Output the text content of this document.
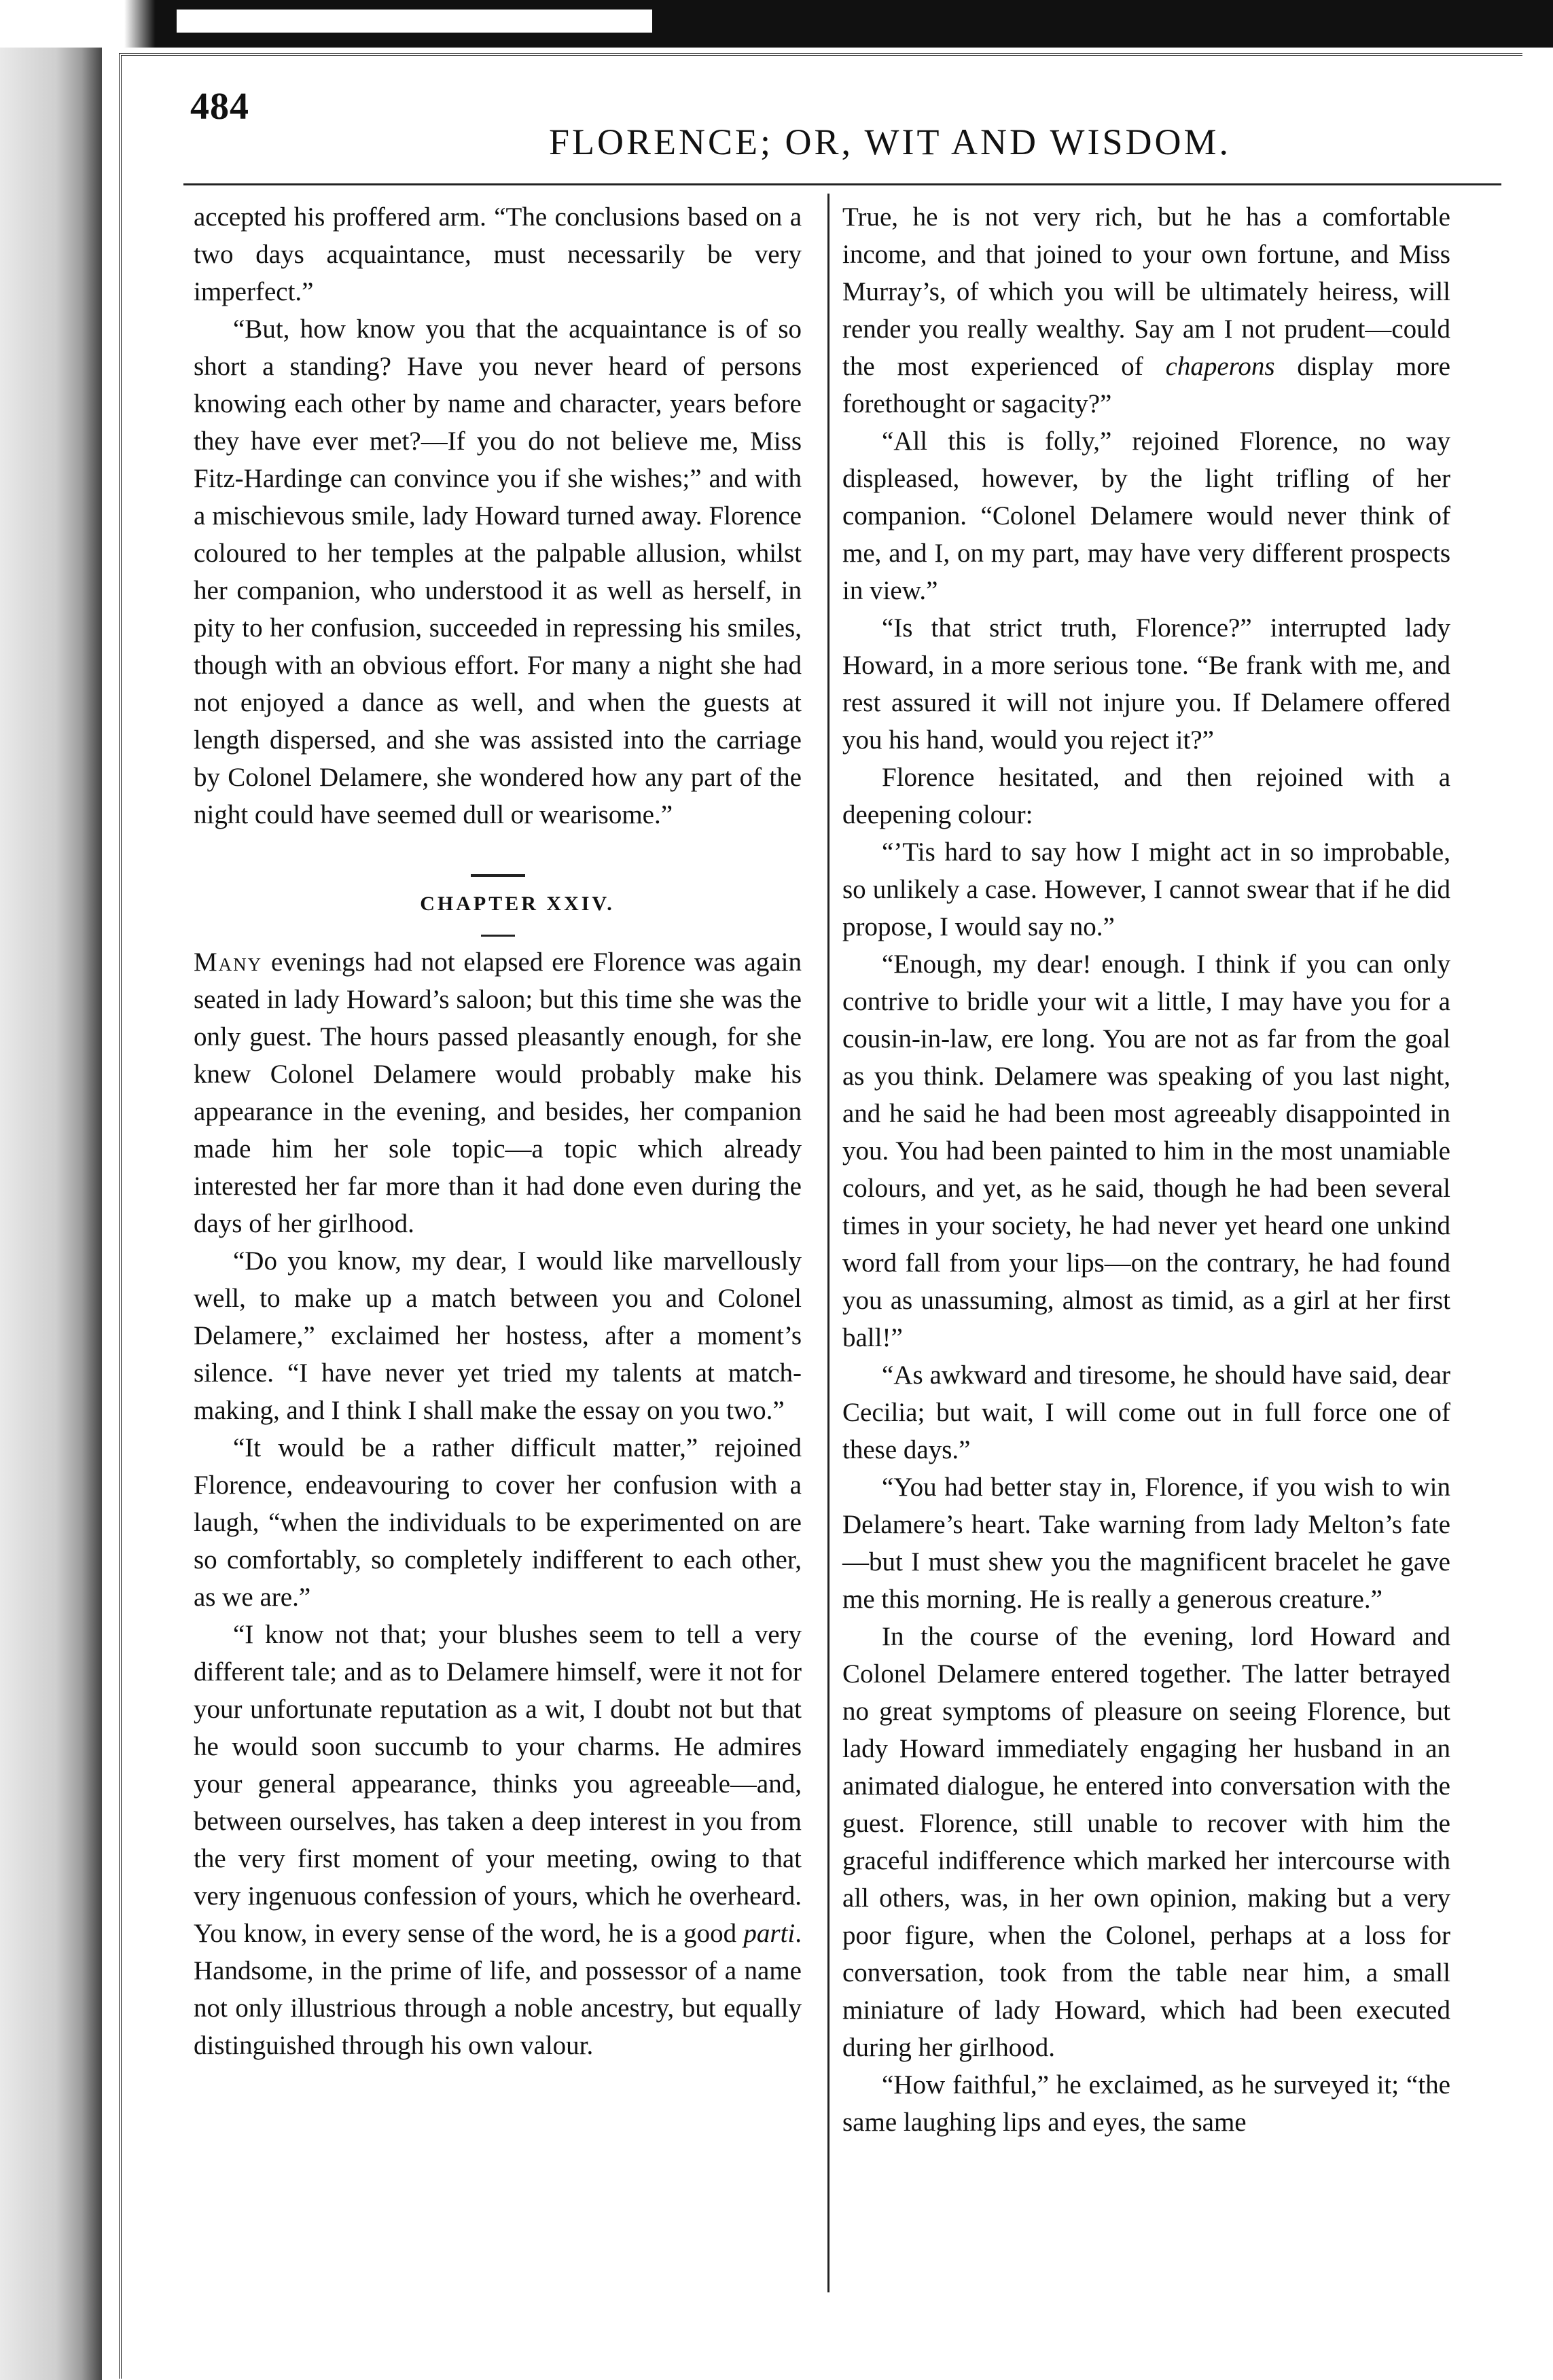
484
FLORENCE; OR, WIT AND WISDOM.

accepted his proffered arm. “The conclusions based on a two days acquaintance, must necessarily be very imperfect.”

“But, how know you that the acquaintance is of so short a standing? Have you never heard of persons knowing each other by name and character, years before they have ever met?—If you do not believe me, Miss Fitz-Hardinge can convince you if she wishes;” and with a mischievous smile, lady Howard turned away. Florence coloured to her temples at the palpable allusion, whilst her companion, who understood it as well as herself, in pity to her confusion, succeeded in repressing his smiles, though with an obvious effort. For many a night she had not enjoyed a dance as well, and when the guests at length dispersed, and she was assisted into the carriage by Colonel Delamere, she wondered how any part of the night could have seemed dull or wearisome.”

CHAPTER XXIV.

Many evenings had not elapsed ere Florence was again seated in lady Howard’s saloon; but this time she was the only guest. The hours passed pleasantly enough, for she knew Colonel Delamere would probably make his appearance in the evening, and besides, her companion made him her sole topic—a topic which already interested her far more than it had done even during the days of her girlhood.

“Do you know, my dear, I would like marvellously well, to make up a match between you and Colonel Delamere,” exclaimed her hostess, after a moment’s silence. “I have never yet tried my talents at match-making, and I think I shall make the essay on you two.”

“It would be a rather difficult matter,” rejoined Florence, endeavouring to cover her confusion with a laugh, “when the individuals to be experimented on are so comfortably, so completely indifferent to each other, as we are.”

“I know not that; your blushes seem to tell a very different tale; and as to Delamere himself, were it not for your unfortunate reputation as a wit, I doubt not but that he would soon succumb to your charms. He admires your general appearance, thinks you agreeable—and, between ourselves, has taken a deep interest in you from the very first moment of your meeting, owing to that very ingenuous confession of yours, which he overheard. You know, in every sense of the word, he is a good parti. Handsome, in the prime of life, and possessor of a name not only illustrious through a noble ancestry, but equally distinguished through his own valour.

True, he is not very rich, but he has a comfortable income, and that joined to your own fortune, and Miss Murray’s, of which you will be ultimately heiress, will render you really wealthy. Say am I not prudent—could the most experienced of chaperons display more forethought or sagacity?”

“All this is folly,” rejoined Florence, no way displeased, however, by the light trifling of her companion. “Colonel Delamere would never think of me, and I, on my part, may have very different prospects in view.”

“Is that strict truth, Florence?” interrupted lady Howard, in a more serious tone. “Be frank with me, and rest assured it will not injure you. If Delamere offered you his hand, would you reject it?”

Florence hesitated, and then rejoined with a deepening colour:

“’Tis hard to say how I might act in so improbable, so unlikely a case. However, I cannot swear that if he did propose, I would say no.”

“Enough, my dear! enough. I think if you can only contrive to bridle your wit a little, I may have you for a cousin-in-law, ere long. You are not as far from the goal as you think. Delamere was speaking of you last night, and he said he had been most agreeably disappointed in you. You had been painted to him in the most unamiable colours, and yet, as he said, though he had been several times in your society, he had never yet heard one unkind word fall from your lips—on the contrary, he had found you as unassuming, almost as timid, as a girl at her first ball!”

“As awkward and tiresome, he should have said, dear Cecilia; but wait, I will come out in full force one of these days.”

“You had better stay in, Florence, if you wish to win Delamere’s heart. Take warning from lady Melton’s fate—but I must shew you the magnificent bracelet he gave me this morning. He is really a generous creature.”

In the course of the evening, lord Howard and Colonel Delamere entered together. The latter betrayed no great symptoms of pleasure on seeing Florence, but lady Howard immediately engaging her husband in an animated dialogue, he entered into conversation with the guest. Florence, still unable to recover with him the graceful indifference which marked her intercourse with all others, was, in her own opinion, making but a very poor figure, when the Colonel, perhaps at a loss for conversation, took from the table near him, a small miniature of lady Howard, which had been executed during her girlhood.

“How faithful,” he exclaimed, as he surveyed it; “the same laughing lips and eyes, the same
